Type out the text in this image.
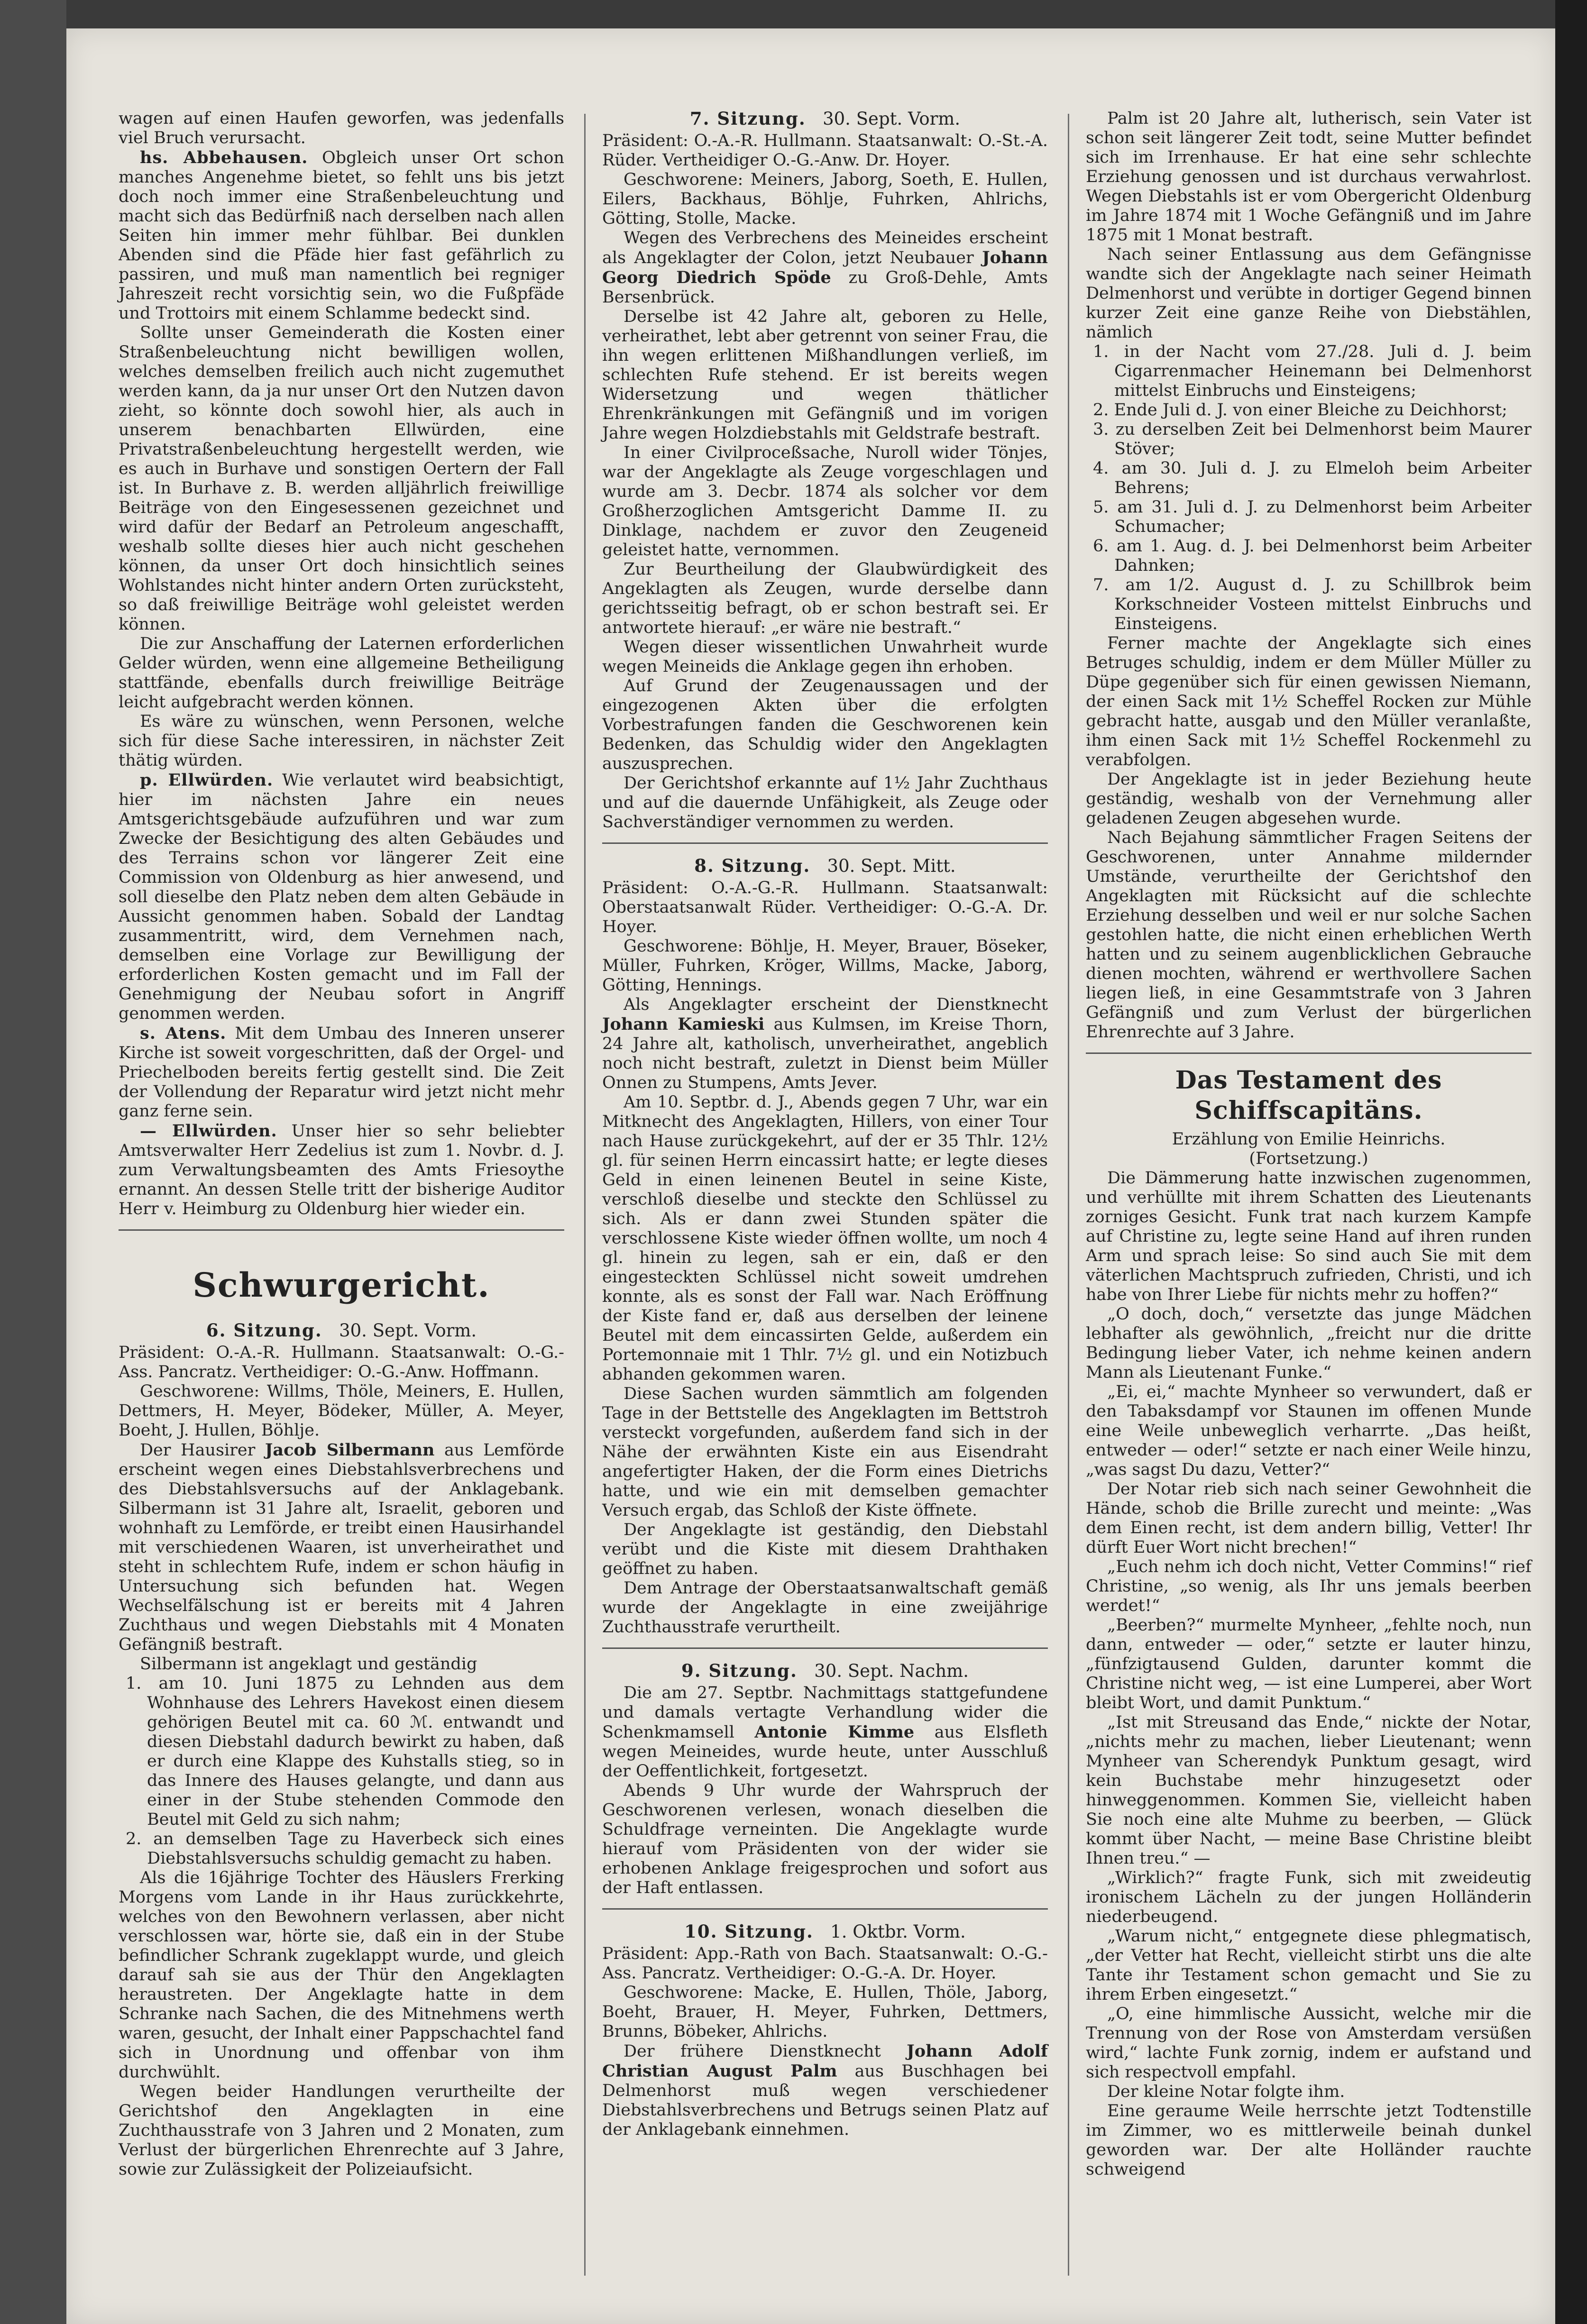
wagen auf einen Haufen geworfen, was jedenfalls viel Bruch verursacht.

hs. Abbehausen. Obgleich unser Ort schon manches Angenehme bietet, so fehlt uns bis jetzt doch noch immer eine Straßenbeleuchtung und macht sich das Bedürfniß nach derselben nach allen Seiten hin immer mehr fühlbar. Bei dunklen Abenden sind die Pfäde hier fast gefährlich zu passiren, und muß man namentlich bei regniger Jahreszeit recht vorsichtig sein, wo die Fußpfäde und Trottoirs mit einem Schlamme bedeckt sind.

Sollte unser Gemeinderath die Kosten einer Straßenbeleuchtung nicht bewilligen wollen, welches demselben freilich auch nicht zugemuthet werden kann, da ja nur unser Ort den Nutzen davon zieht, so könnte doch sowohl hier, als auch in unserem benachbarten Ellwürden, eine Privatstraßenbeleuchtung hergestellt werden, wie es auch in Burhave und sonstigen Oertern der Fall ist. In Burhave z. B. werden alljährlich freiwillige Beiträge von den Eingesessenen gezeichnet und wird dafür der Bedarf an Petroleum angeschafft, weshalb sollte dieses hier auch nicht geschehen können, da unser Ort doch hinsichtlich seines Wohlstandes nicht hinter andern Orten zurücksteht, so daß freiwillige Beiträge wohl geleistet werden können.

Die zur Anschaffung der Laternen erforderlichen Gelder würden, wenn eine allgemeine Betheiligung stattfände, ebenfalls durch freiwillige Beiträge leicht aufgebracht werden können.

Es wäre zu wünschen, wenn Personen, welche sich für diese Sache interessiren, in nächster Zeit thätig würden.

p. Ellwürden. Wie verlautet wird beabsichtigt, hier im nächsten Jahre ein neues Amtsgerichtsgebäude aufzuführen und war zum Zwecke der Besichtigung des alten Gebäudes und des Terrains schon vor längerer Zeit eine Commission von Oldenburg as hier anwesend, und soll dieselbe den Platz neben dem alten Gebäude in Aussicht genommen haben. Sobald der Landtag zusammentritt, wird, dem Vernehmen nach, demselben eine Vorlage zur Bewilligung der erforderlichen Kosten gemacht und im Fall der Genehmigung der Neubau sofort in Angriff genommen werden.

s. Atens. Mit dem Umbau des Inneren unserer Kirche ist soweit vorgeschritten, daß der Orgel- und Priechelboden bereits fertig gestellt sind. Die Zeit der Vollendung der Reparatur wird jetzt nicht mehr ganz ferne sein.

— Ellwürden. Unser hier so sehr beliebter Amtsverwalter Herr Zedelius ist zum 1. Novbr. d. J. zum Verwaltungsbeamten des Amts Friesoythe ernannt. An dessen Stelle tritt der bisherige Auditor Herr v. Heimburg zu Oldenburg hier wieder ein.

Schwurgericht.
6. Sitzung. 30. Sept. Vorm.

Präsident: O.-A.-R. Hullmann. Staatsanwalt: O.-G.-Ass. Pancratz. Vertheidiger: O.-G.-Anw. Hoffmann.

Geschworene: Willms, Thöle, Meiners, E. Hullen, Dettmers, H. Meyer, Bödeker, Müller, A. Meyer, Boeht, J. Hullen, Böhlje.

Der Hausirer Jacob Silbermann aus Lemförde erscheint wegen eines Diebstahlsverbrechens und des Diebstahlsversuchs auf der Anklagebank. Silbermann ist 31 Jahre alt, Israelit, geboren und wohnhaft zu Lemförde, er treibt einen Hausirhandel mit verschiedenen Waaren, ist unverheirathet und steht in schlechtem Rufe, indem er schon häufig in Untersuchung sich befunden hat. Wegen Wechselfälschung ist er bereits mit 4 Jahren Zuchthaus und wegen Diebstahls mit 4 Monaten Gefängniß bestraft.

Silbermann ist angeklagt und geständig

1. am 10. Juni 1875 zu Lehnden aus dem Wohnhause des Lehrers Havekost einen diesem gehörigen Beutel mit ca. 60 ℳ. entwandt und diesen Diebstahl dadurch bewirkt zu haben, daß er durch eine Klappe des Kuhstalls stieg, so in das Innere des Hauses gelangte, und dann aus einer in der Stube stehenden Commode den Beutel mit Geld zu sich nahm;
2. an demselben Tage zu Haverbeck sich eines Diebstahlsversuchs schuldig gemacht zu haben.

Als die 16jährige Tochter des Häuslers Frerking Morgens vom Lande in ihr Haus zurückkehrte, welches von den Bewohnern verlassen, aber nicht verschlossen war, hörte sie, daß ein in der Stube befindlicher Schrank zugeklappt wurde, und gleich darauf sah sie aus der Thür den Angeklagten heraustreten. Der Angeklagte hatte in dem Schranke nach Sachen, die des Mitnehmens werth waren, gesucht, der Inhalt einer Pappschachtel fand sich in Unordnung und offenbar von ihm durchwühlt.

Wegen beider Handlungen verurtheilte der Gerichtshof den Angeklagten in eine Zuchthausstrafe von 3 Jahren und 2 Monaten, zum Verlust der bürgerlichen Ehrenrechte auf 3 Jahre, sowie zur Zulässigkeit der Polizeiaufsicht.

7. Sitzung. 30. Sept. Vorm.

Präsident: O.-A.-R. Hullmann. Staatsanwalt: O.-St.-A. Rüder. Vertheidiger O.-G.-Anw. Dr. Hoyer.

Geschworene: Meiners, Jaborg, Soeth, E. Hullen, Eilers, Backhaus, Böhlje, Fuhrken, Ahlrichs, Götting, Stolle, Macke.

Wegen des Verbrechens des Meineides erscheint als Angeklagter der Colon, jetzt Neubauer Johann Georg Diedrich Spöde zu Groß-Dehle, Amts Bersenbrück.

Derselbe ist 42 Jahre alt, geboren zu Helle, verheirathet, lebt aber getrennt von seiner Frau, die ihn wegen erlittenen Mißhandlungen verließ, im schlechten Rufe stehend. Er ist bereits wegen Widersetzung und wegen thätlicher Ehrenkränkungen mit Gefängniß und im vorigen Jahre wegen Holzdiebstahls mit Geldstrafe bestraft.

In einer Civilproceßsache, Nuroll wider Tönjes, war der Angeklagte als Zeuge vorgeschlagen und wurde am 3. Decbr. 1874 als solcher vor dem Großherzoglichen Amtsgericht Damme II. zu Dinklage, nachdem er zuvor den Zeugeneid geleistet hatte, vernommen.

Zur Beurtheilung der Glaubwürdigkeit des Angeklagten als Zeugen, wurde derselbe dann gerichtsseitig befragt, ob er schon bestraft sei. Er antwortete hierauf: „er wäre nie bestraft.“

Wegen dieser wissentlichen Unwahrheit wurde wegen Meineids die Anklage gegen ihn erhoben.

Auf Grund der Zeugenaussagen und der eingezogenen Akten über die erfolgten Vorbestrafungen fanden die Geschworenen kein Bedenken, das Schuldig wider den Angeklagten auszusprechen.

Der Gerichtshof erkannte auf 1½ Jahr Zuchthaus und auf die dauernde Unfähigkeit, als Zeuge oder Sachverständiger vernommen zu werden.

8. Sitzung. 30. Sept. Mitt.

Präsident: O.-A.-G.-R. Hullmann. Staatsanwalt: Oberstaatsanwalt Rüder. Vertheidiger: O.-G.-A. Dr. Hoyer.

Geschworene: Böhlje, H. Meyer, Brauer, Böseker, Müller, Fuhrken, Kröger, Willms, Macke, Jaborg, Götting, Hennings.

Als Angeklagter erscheint der Dienstknecht Johann Kamieski aus Kulmsen, im Kreise Thorn, 24 Jahre alt, katholisch, unverheirathet, angeblich noch nicht bestraft, zuletzt in Dienst beim Müller Onnen zu Stumpens, Amts Jever.

Am 10. Septbr. d. J., Abends gegen 7 Uhr, war ein Mitknecht des Angeklagten, Hillers, von einer Tour nach Hause zurückgekehrt, auf der er 35 Thlr. 12½ gl. für seinen Herrn eincassirt hatte; er legte dieses Geld in einen leinenen Beutel in seine Kiste, verschloß dieselbe und steckte den Schlüssel zu sich. Als er dann zwei Stunden später die verschlossene Kiste wieder öffnen wollte, um noch 4 gl. hinein zu legen, sah er ein, daß er den eingesteckten Schlüssel nicht soweit umdrehen konnte, als es sonst der Fall war. Nach Eröffnung der Kiste fand er, daß aus derselben der leinene Beutel mit dem eincassirten Gelde, außerdem ein Portemonnaie mit 1 Thlr. 7½ gl. und ein Notizbuch abhanden gekommen waren.

Diese Sachen wurden sämmtlich am folgenden Tage in der Bettstelle des Angeklagten im Bettstroh versteckt vorgefunden, außerdem fand sich in der Nähe der erwähnten Kiste ein aus Eisendraht angefertigter Haken, der die Form eines Dietrichs hatte, und wie ein mit demselben gemachter Versuch ergab, das Schloß der Kiste öffnete.

Der Angeklagte ist geständig, den Diebstahl verübt und die Kiste mit diesem Drahthaken geöffnet zu haben.

Dem Antrage der Oberstaatsanwaltschaft gemäß wurde der Angeklagte in eine zweijährige Zuchthausstrafe verurtheilt.

9. Sitzung. 30. Sept. Nachm.

Die am 27. Septbr. Nachmittags stattgefundene und damals vertagte Verhandlung wider die Schenkmamsell Antonie Kimme aus Elsfleth wegen Meineides, wurde heute, unter Ausschluß der Oeffentlichkeit, fortgesetzt.

Abends 9 Uhr wurde der Wahrspruch der Geschworenen verlesen, wonach dieselben die Schuldfrage verneinten. Die Angeklagte wurde hierauf vom Präsidenten von der wider sie erhobenen Anklage freigesprochen und sofort aus der Haft entlassen.

10. Sitzung. 1. Oktbr. Vorm.

Präsident: App.-Rath von Bach. Staatsanwalt: O.-G.-Ass. Pancratz. Vertheidiger: O.-G.-A. Dr. Hoyer.

Geschworene: Macke, E. Hullen, Thöle, Jaborg, Boeht, Brauer, H. Meyer, Fuhrken, Dettmers, Brunns, Böbeker, Ahlrichs.

Der frühere Dienstknecht Johann Adolf Christian August Palm aus Buschhagen bei Delmenhorst muß wegen verschiedener Diebstahlsverbrechens und Betrugs seinen Platz auf der Anklagebank einnehmen.

Palm ist 20 Jahre alt, lutherisch, sein Vater ist schon seit längerer Zeit todt, seine Mutter befindet sich im Irrenhause. Er hat eine sehr schlechte Erziehung genossen und ist durchaus verwahrlost. Wegen Diebstahls ist er vom Obergericht Oldenburg im Jahre 1874 mit 1 Woche Gefängniß und im Jahre 1875 mit 1 Monat bestraft.

Nach seiner Entlassung aus dem Gefängnisse wandte sich der Angeklagte nach seiner Heimath Delmenhorst und verübte in dortiger Gegend binnen kurzer Zeit eine ganze Reihe von Diebstählen, nämlich

1. in der Nacht vom 27./28. Juli d. J. beim Cigarrenmacher Heinemann bei Delmenhorst mittelst Einbruchs und Einsteigens;
2. Ende Juli d. J. von einer Bleiche zu Deichhorst;
3. zu derselben Zeit bei Delmenhorst beim Maurer Stöver;
4. am 30. Juli d. J. zu Elmeloh beim Arbeiter Behrens;
5. am 31. Juli d. J. zu Delmenhorst beim Arbeiter Schumacher;
6. am 1. Aug. d. J. bei Delmenhorst beim Arbeiter Dahnken;
7. am 1/2. August d. J. zu Schillbrok beim Korkschneider Vosteen mittelst Einbruchs und Einsteigens.

Ferner machte der Angeklagte sich eines Betruges schuldig, indem er dem Müller Müller zu Düpe gegenüber sich für einen gewissen Niemann, der einen Sack mit 1½ Scheffel Rocken zur Mühle gebracht hatte, ausgab und den Müller veranlaßte, ihm einen Sack mit 1½ Scheffel Rockenmehl zu verabfolgen.

Der Angeklagte ist in jeder Beziehung heute geständig, weshalb von der Vernehmung aller geladenen Zeugen abgesehen wurde.

Nach Bejahung sämmtlicher Fragen Seitens der Geschworenen, unter Annahme mildernder Umstände, verurtheilte der Gerichtshof den Angeklagten mit Rücksicht auf die schlechte Erziehung desselben und weil er nur solche Sachen gestohlen hatte, die nicht einen erheblichen Werth hatten und zu seinem augenblicklichen Gebrauche dienen mochten, während er werthvollere Sachen liegen ließ, in eine Gesammtstrafe von 3 Jahren Gefängniß und zum Verlust der bürgerlichen Ehrenrechte auf 3 Jahre.

Das Testament des Schiffscapitäns.

Erzählung von Emilie Heinrichs.

(Fortsetzung.)

Die Dämmerung hatte inzwischen zugenommen, und verhüllte mit ihrem Schatten des Lieutenants zorniges Gesicht. Funk trat nach kurzem Kampfe auf Christine zu, legte seine Hand auf ihren runden Arm und sprach leise: So sind auch Sie mit dem väterlichen Machtspruch zufrieden, Christi, und ich habe von Ihrer Liebe für nichts mehr zu hoffen?“

„O doch, doch,“ versetzte das junge Mädchen lebhafter als gewöhnlich, „freicht nur die dritte Bedingung lieber Vater, ich nehme keinen andern Mann als Lieutenant Funke.“

„Ei, ei,“ machte Mynheer so verwundert, daß er den Tabaksdampf vor Staunen im offenen Munde eine Weile unbeweglich verharrte. „Das heißt, entweder — oder!“ setzte er nach einer Weile hinzu, „was sagst Du dazu, Vetter?“

Der Notar rieb sich nach seiner Gewohnheit die Hände, schob die Brille zurecht und meinte: „Was dem Einen recht, ist dem andern billig, Vetter! Ihr dürft Euer Wort nicht brechen!“

„Euch nehm ich doch nicht, Vetter Commins!“ rief Christine, „so wenig, als Ihr uns jemals beerben werdet!“

„Beerben?“ murmelte Mynheer, „fehlte noch, nun dann, entweder — oder,“ setzte er lauter hinzu, „fünfzigtausend Gulden, darunter kommt die Christine nicht weg, — ist eine Lumperei, aber Wort bleibt Wort, und damit Punktum.“

„Ist mit Streusand das Ende,“ nickte der Notar, „nichts mehr zu machen, lieber Lieutenant; wenn Mynheer van Scherendyk Punktum gesagt, wird kein Buchstabe mehr hinzugesetzt oder hinweggenommen. Kommen Sie, vielleicht haben Sie noch eine alte Muhme zu beerben, — Glück kommt über Nacht, — meine Base Christine bleibt Ihnen treu.“ —

„Wirklich?“ fragte Funk, sich mit zweideutig ironischem Lächeln zu der jungen Holländerin niederbeugend.

„Warum nicht,“ entgegnete diese phlegmatisch, „der Vetter hat Recht, vielleicht stirbt uns die alte Tante ihr Testament schon gemacht und Sie zu ihrem Erben eingesetzt.“

„O, eine himmlische Aussicht, welche mir die Trennung von der Rose von Amsterdam versüßen wird,“ lachte Funk zornig, indem er aufstand und sich respectvoll empfahl.

Der kleine Notar folgte ihm.

Eine geraume Weile herrschte jetzt Todtenstille im Zimmer, wo es mittlerweile beinah dunkel geworden war. Der alte Holländer rauchte schweigend
